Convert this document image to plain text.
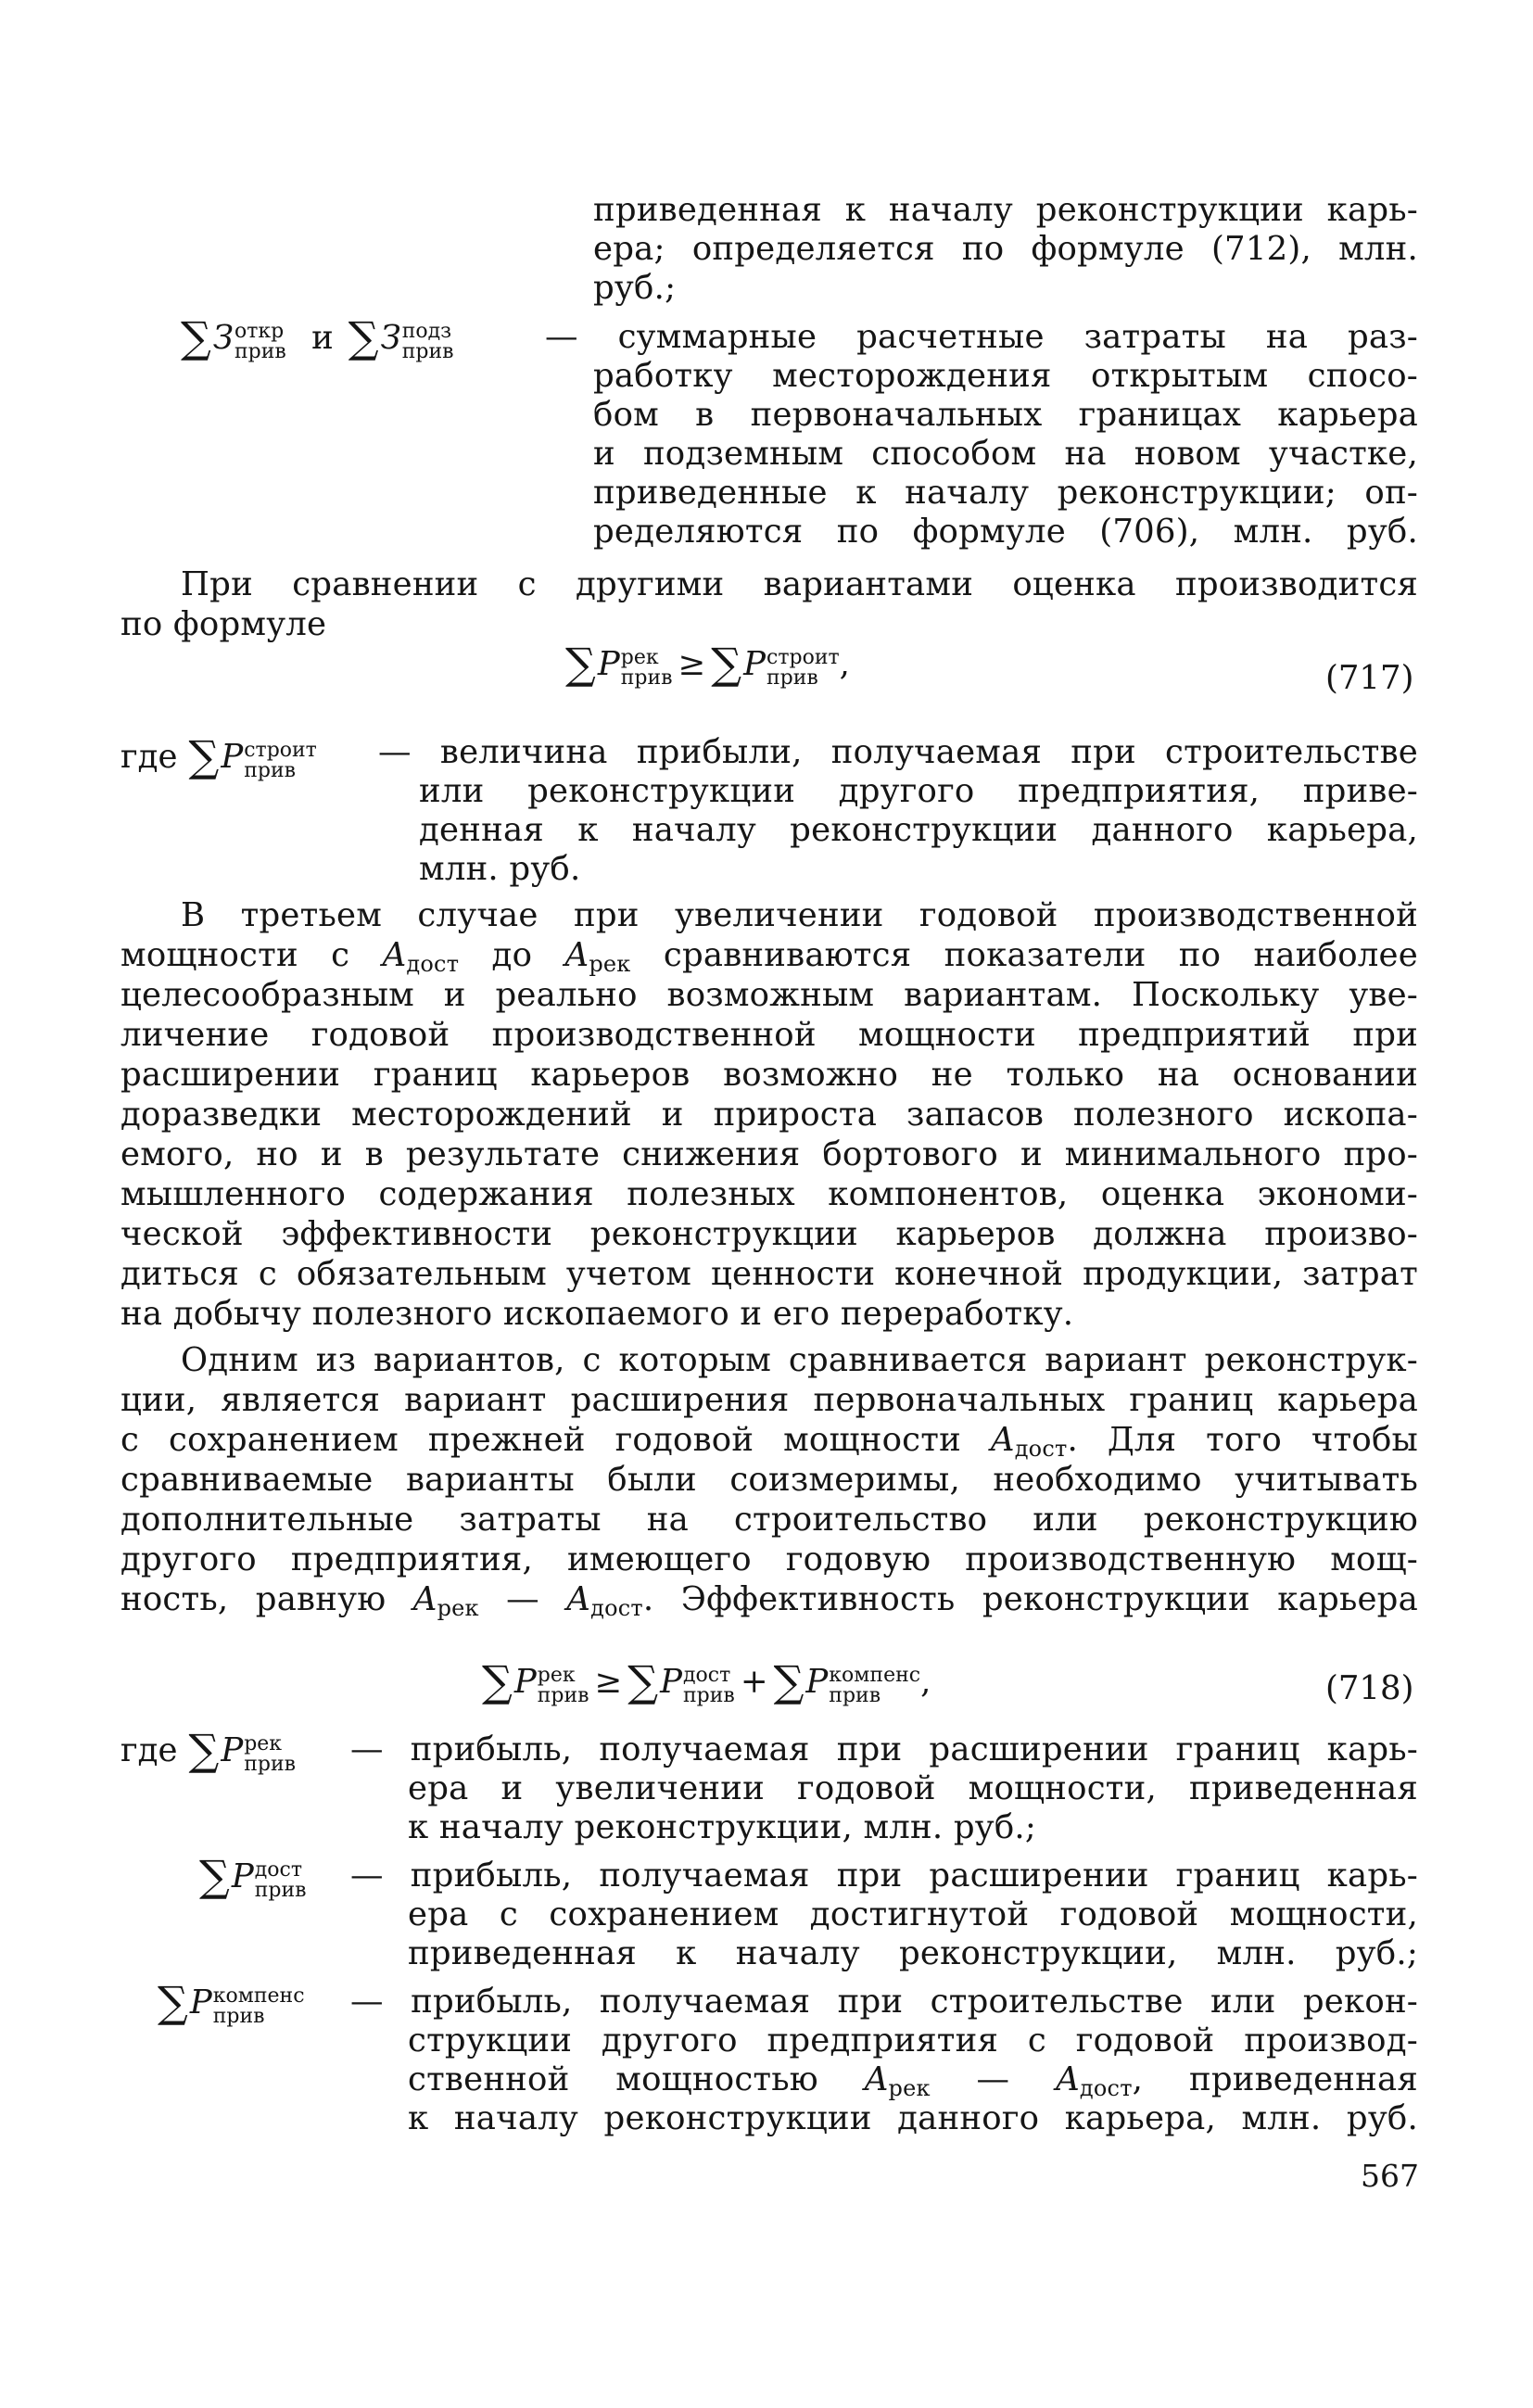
приведенная к началу реконструкции карь-
ера; определяется по формуле (712), млн.
руб.;
∑З откр
прив и ∑З подз
прив	— суммарные расчетные затраты на раз-
работку месторождения открытым спосо-
бом в первоначальных границах карьера
и подземным способом на новом участке,
приведенные к началу реконструкции; оп-
ределяются по формуле (706), млн. руб.
При сравнении с другими вариантами оценка производится
по формуле
∑P рек
прив ≥ ∑P строит
прив ,	(717)
где ∑P строит
прив	— величина прибыли, получаемая при строительстве
или реконструкции другого предприятия, приве-
денная к началу реконструкции данного карьера,
млн. руб.
В третьем случае при увеличении годовой производственной
мощности с $A_{дост}$ до $A_{рек}$ сравниваются показатели по наиболее
целесообразным и реально возможным вариантам. Поскольку уве-
личение годовой производственной мощности предприятий при
расширении границ карьеров возможно не только на основании
доразведки месторождений и прироста запасов полезного ископа-
емого, но и в результате снижения бортового и минимального про-
мышленного содержания полезных компонентов, оценка экономи-
ческой эффективности реконструкции карьеров должна произво-
диться с обязательным учетом ценности конечной продукции, затрат
на добычу полезного ископаемого и его переработку.
Одним из вариантов, с которым сравнивается вариант реконструк-
ции, является вариант расширения первоначальных границ карьера
с сохранением прежней годовой мощности $A_{дост}$. Для того чтобы
сравниваемые варианты были соизмеримы, необходимо учитывать
дополнительные затраты на строительство или реконструкцию
другого предприятия, имеющего годовую производственную мощ-
ность, равную $A_{рек}$ — $A_{дост}$. Эффективность реконструкции карьера
∑P рек
прив ≥ ∑P дост
прив + ∑P компенс
прив	,	(718)
где ∑P рек
прив — прибыль, получаемая при расширении границ карь-
ера и увеличении годовой мощности, приведенная
к началу реконструкции, млн. руб.;
∑P дост
прив — прибыль, получаемая при расширении границ карь-
ера с сохранением достигнутой годовой мощности,
приведенная к началу реконструкции, млн. руб.;
∑P компенс
прив	— прибыль, получаемая при строительстве или рекон-
струкции другого предприятия с годовой производ-
ственной мощностью $A_{рек}$ — $A_{дост}$, приведенная
к началу реконструкции данного карьера, млн. руб.
567
